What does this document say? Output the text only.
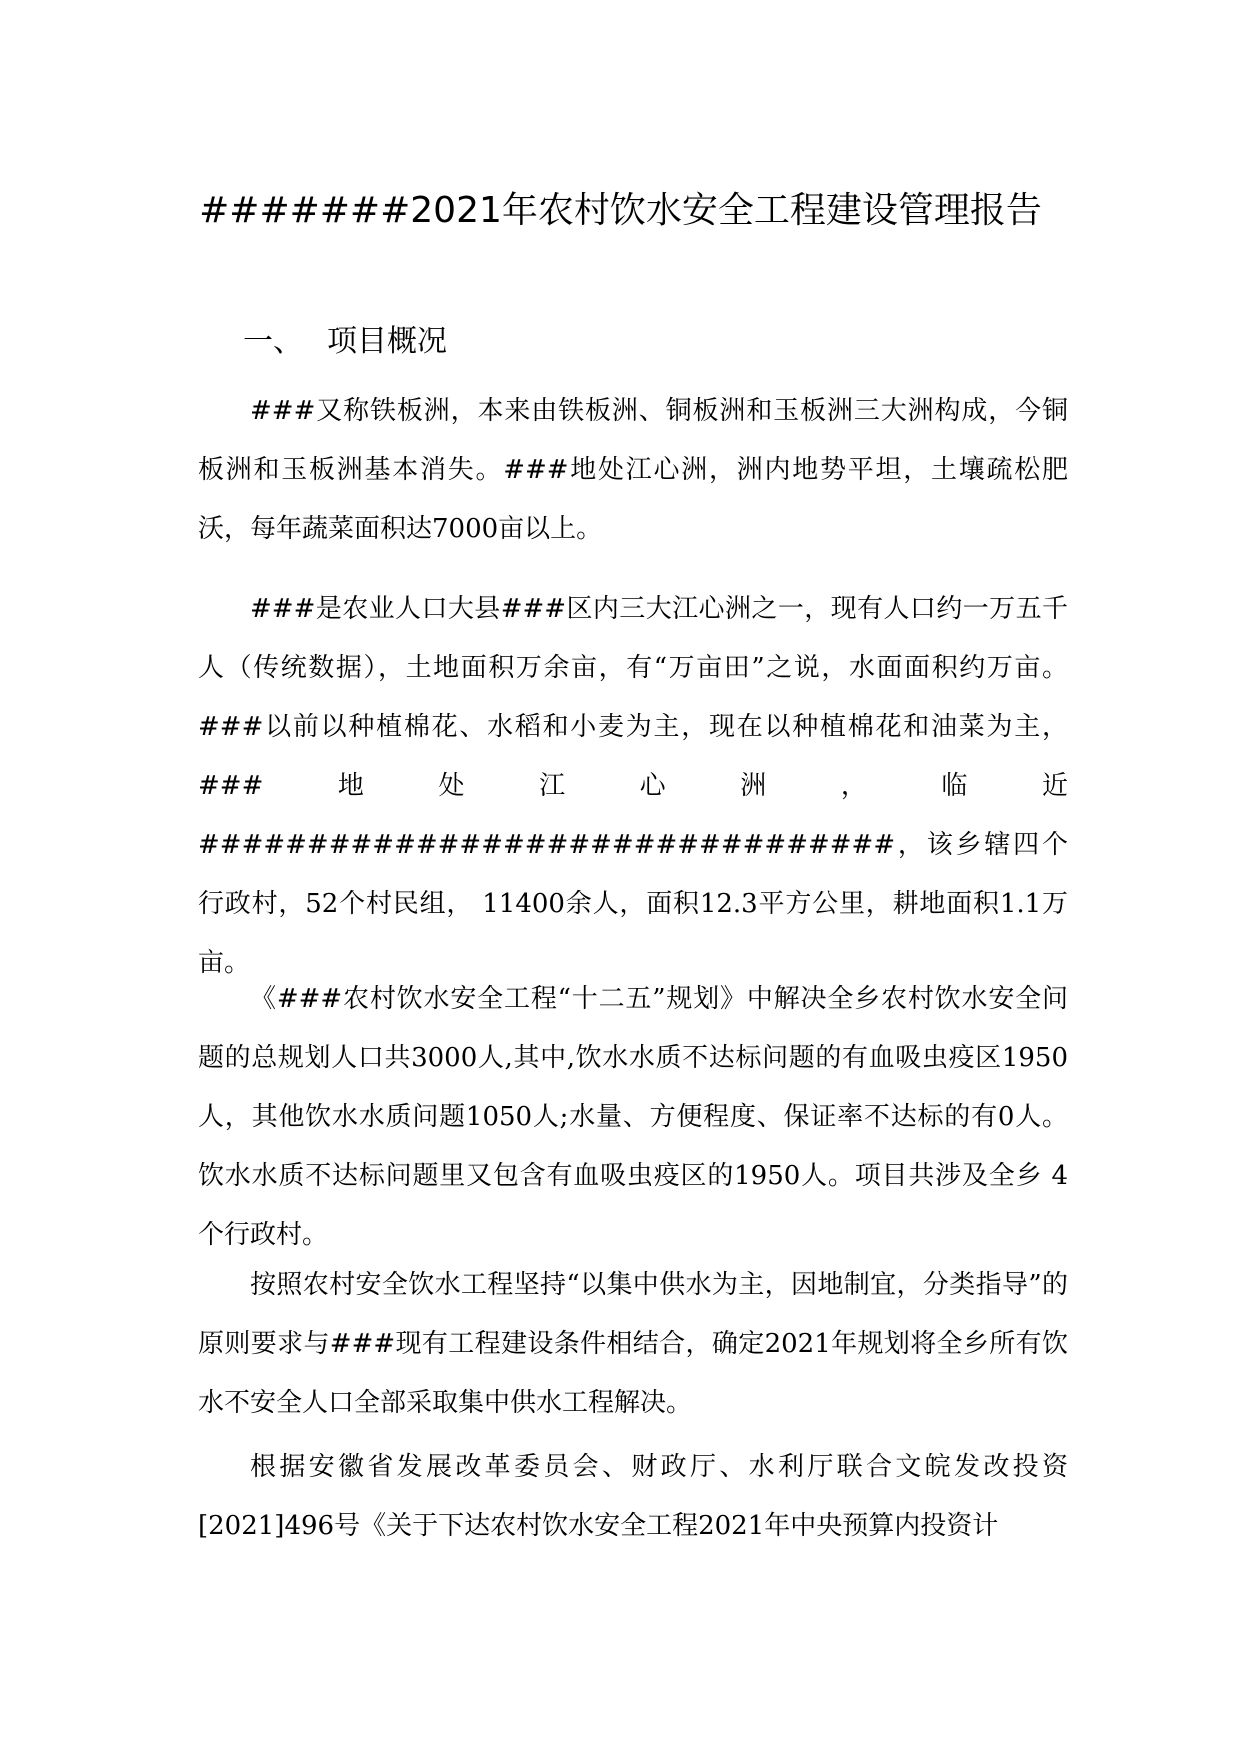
#######2021年农村饮水安全工程建设管理报告
一、 项目概况

###又称铁板洲，本来由铁板洲、铜板洲和玉板洲三大洲构成，今铜板洲和玉板洲基本消失。###地处江心洲，洲内地势平坦，土壤疏松肥沃，每年蔬菜面积达7000亩以上。

###是农业人口大县###区内三大江心洲之一，现有人口约一万五千人（传统数据），土地面积万余亩，有“万亩田”之说，水面面积约万亩。###以前以种植棉花、水稻和小麦为主，现在以种植棉花和油菜为主，###地处江心洲，临近################################，该乡辖四个行政村，52个村民组， 11400余人，面积12.3平方公里，耕地面积1.1万亩。

《###农村饮水安全工程“十二五”规划》中解决全乡农村饮水安全问题的总规划人口共3000人,其中,饮水水质不达标问题的有血吸虫疫区1950人，其他饮水水质问题1050人;水量、方便程度、保证率不达标的有0人。饮水水质不达标问题里又包含有血吸虫疫区的1950人。项目共涉及全乡 4个行政村。

按照农村安全饮水工程坚持“以集中供水为主，因地制宜，分类指导”的原则要求与###现有工程建设条件相结合，确定2021年规划将全乡所有饮水不安全人口全部采取集中供水工程解决。

根据安徽省发展改革委员会、财政厅、水利厅联合文皖发改投资[2021]496号《关于下达农村饮水安全工程2021年中央预算内投资计
